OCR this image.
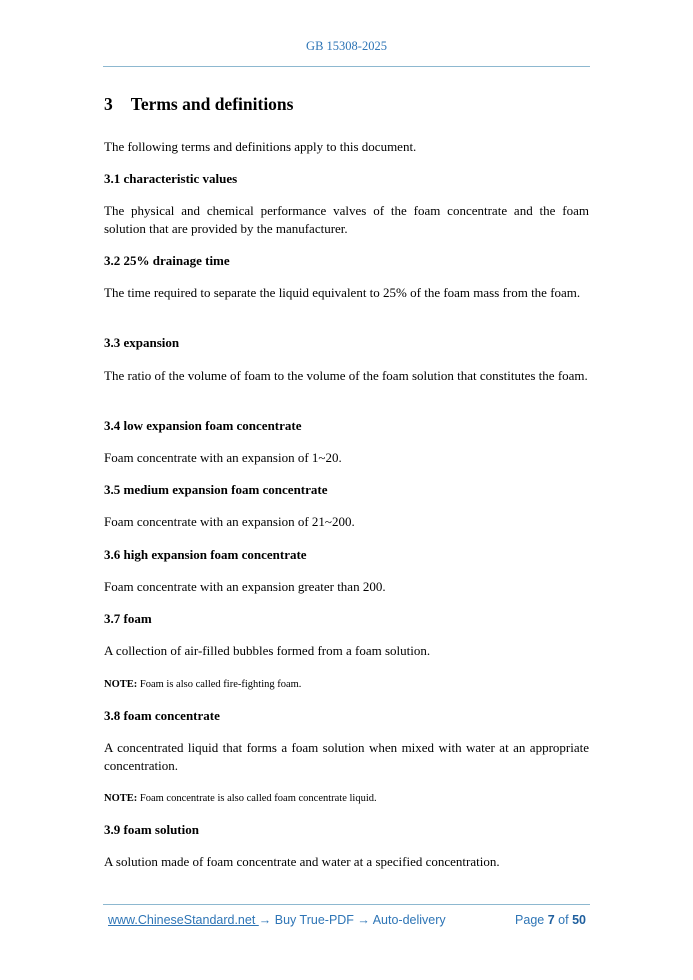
GB 15308-2025
3 Terms and definitions
The following terms and definitions apply to this document.
3.1 characteristic values
The physical and chemical performance valves of the foam concentrate and the foam solution that are provided by the manufacturer.
3.2 25% drainage time
The time required to separate the liquid equivalent to 25% of the foam mass from the foam.
3.3 expansion
The ratio of the volume of foam to the volume of the foam solution that constitutes the foam.
3.4 low expansion foam concentrate
Foam concentrate with an expansion of 1~20.
3.5 medium expansion foam concentrate
Foam concentrate with an expansion of 21~200.
3.6 high expansion foam concentrate
Foam concentrate with an expansion greater than 200.
3.7 foam
A collection of air-filled bubbles formed from a foam solution.
NOTE: Foam is also called fire-fighting foam.
3.8 foam concentrate
A concentrated liquid that forms a foam solution when mixed with water at an appropriate concentration.
NOTE: Foam concentrate is also called foam concentrate liquid.
3.9 foam solution
A solution made of foam concentrate and water at a specified concentration.
www.ChineseStandard.net → Buy True-PDF → Auto-delivery	Page 7 of 50
